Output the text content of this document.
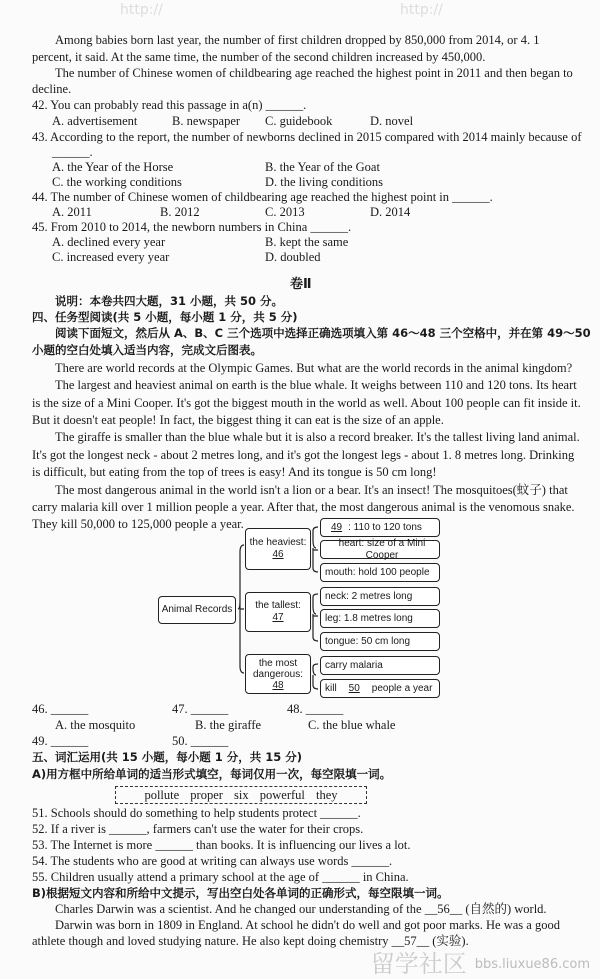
http://	http://
Among babies born last year, the number of first children dropped by 850,000 from 2014, or 4. 1
percent, it said. At the same time, the number of the second children increased by 450,000.
The number of Chinese women of childbearing age reached the highest point in 2011 and then began to
decline.
42. You can probably read this passage in a(n) ______.
A. advertisement	B. newspaper C. guidebook	D. novel
43. According to the report, the number of newborns declined in 2015 compared with 2014 mainly because of
______.
A. the Year of the Horse	B. the Year of the Goat
C. the working conditions	D. the living conditions
44. The number of Chinese women of childbearing age reached the highest point in ______.
A. 2011	B. 2012	C. 2013	D. 2014
45. From 2010 to 2014, the newborn numbers in China ______.
A. declined every year	B. kept the same
C. increased every year	D. doubled
卷Ⅱ
说明：本卷共四大题，31 小题，共 50 分。
四、任务型阅读(共 5 小题，每小题 1 分，共 5 分)
阅读下面短文，然后从 A、B、C 三个选项中选择正确选项填入第 46～48 三个空格中，并在第 49～50
小题的空白处填入适当内容，完成文后图表。
There are world records at the Olympic Games. But what are the world records in the animal kingdom?
The largest and heaviest animal on earth is the blue whale. It weighs between 110 and 120 tons. Its heart
is the size of a Mini Cooper. It's got the biggest mouth in the world as well. About 100 people can fit inside it.
But it doesn't eat people! In fact, the biggest thing it can eat is the size of an apple.
The giraffe is smaller than the blue whale but it is also a record breaker. It's the tallest living land animal.
It's got the longest neck - about 2 metres long, and it's got the longest legs - about 1. 8 metres long. Drinking
is difficult, but eating from the top of trees is easy! And its tongue is 50 cm long!
The most dangerous animal in the world isn't a lion or a bear. It's an insect! The mosquitoes(蚊子) that
carry malaria kill over 1 million people a year. After that, the most dangerous animal is the venomous snake.
They kill 50,000 to 125,000 people a year.
Animal Records
the heaviest:
46
the tallest:
47
the most
dangerous:
48
49 : 110 to 120 tons
heart: size of a Mini Cooper
mouth: hold 100 people
neck: 2 metres long
leg: 1.8 metres long
tongue: 50 cm long
carry malaria
kill	50	people a year
46. ______	47. ______	48. ______
A. the mosquito	B. the giraffe	C. the blue whale
49. ______	50. ______
五、词汇运用(共 15 小题，每小题 1 分，共 15 分)
A)用方框中所给单词的适当形式填空，每词仅用一次，每空限填一词。
pollute proper six powerful they
51. Schools should do something to help students protect ______.
52. If a river is ______, farmers can't use the water for their crops.
53. The Internet is more ______ than books. It is influencing our lives a lot.
54. The students who are good at writing can always use words ______.
55. Children usually attend a primary school at the age of ______ in China.
B)根据短文内容和所给中文提示，写出空白处各单词的正确形式，每空限填一词。
Charles Darwin was a scientist. And he changed our understanding of the __56__ (自然的) world.
Darwin was born in 1809 in England. At school he didn't do well and got poor marks. He was a good
athlete though and loved studying nature. He also kept doing chemistry __57__ (实验).
留学社区 bbs.liuxue86.com
